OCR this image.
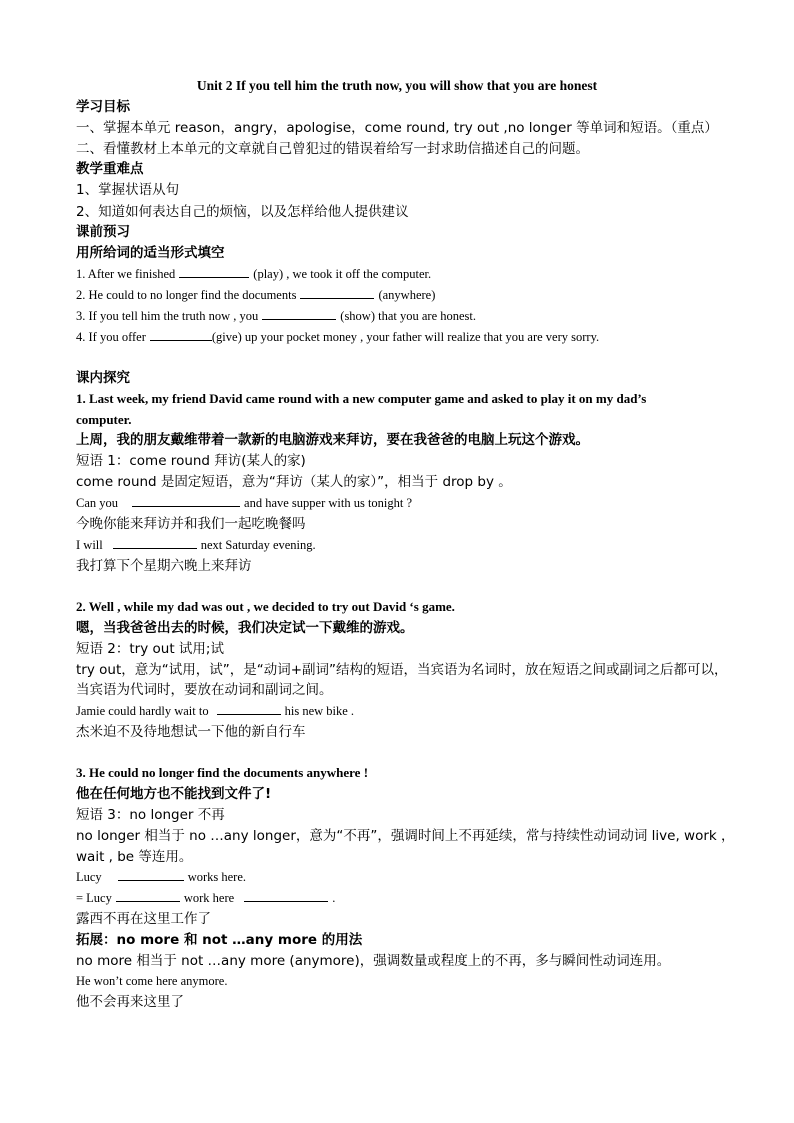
Unit 2 If you tell him the truth now, you will show that you are honest
学习目标
一、掌握本单元 reason，angry，apologise，come round, try out ,no longer 等单词和短语。（重点）
二、看懂教材上本单元的文章就自己曾犯过的错误着给写一封求助信描述自己的问题。
教学重难点
1、掌握状语从句
2、知道如何表达自己的烦恼，以及怎样给他人提供建议
课前预习
用所给词的适当形式填空
1. After we finished	(play) , we took it off the computer.
2. He could to no longer find the documents	(anywhere)
3. If you tell him the truth now , you	(show) that you are honest.
4. If you offer	(give) up your pocket money , your father will realize that you are very sorry.
课内探究
1. Last week, my friend David came round with a new computer game and asked to play it on my dad’s
computer.
上周，我的朋友戴维带着一款新的电脑游戏来拜访，要在我爸爸的电脑上玩这个游戏。
短语 1：come round 拜访(某人的家)
come round 是固定短语，意为“拜访（某人的家）”，相当于 drop by 。
Can you	and have supper with us tonight ?
今晚你能来拜访并和我们一起吃晚餐吗
I will	next Saturday evening.
我打算下个星期六晚上来拜访
2. Well , while my dad was out , we decided to try out David ‘s game.
嗯，当我爸爸出去的时候，我们决定试一下戴维的游戏。
短语 2：try out 试用;试
try out，意为“试用，试”，是“动词+副词”结构的短语，当宾语为名词时，放在短语之间或副词之后都可以，
当宾语为代词时，要放在动词和副词之间。
Jamie could hardly wait to	his new bike .
杰米迫不及待地想试一下他的新自行车
3. He could no longer find the documents anywhere !
他在任何地方也不能找到文件了!
短语 3：no longer 不再
no longer 相当于 no …any longer，意为“不再”，强调时间上不再延续，常与持续性动词动词 live, work ，
wait , be 等连用。
Lucy	works here.
= Lucy	work here	.
露西不再在这里工作了
拓展：no more 和 not …any more 的用法
no more 相当于 not …any more (anymore)，强调数量或程度上的不再，多与瞬间性动词连用。
He won’t come here anymore.
他不会再来这里了
